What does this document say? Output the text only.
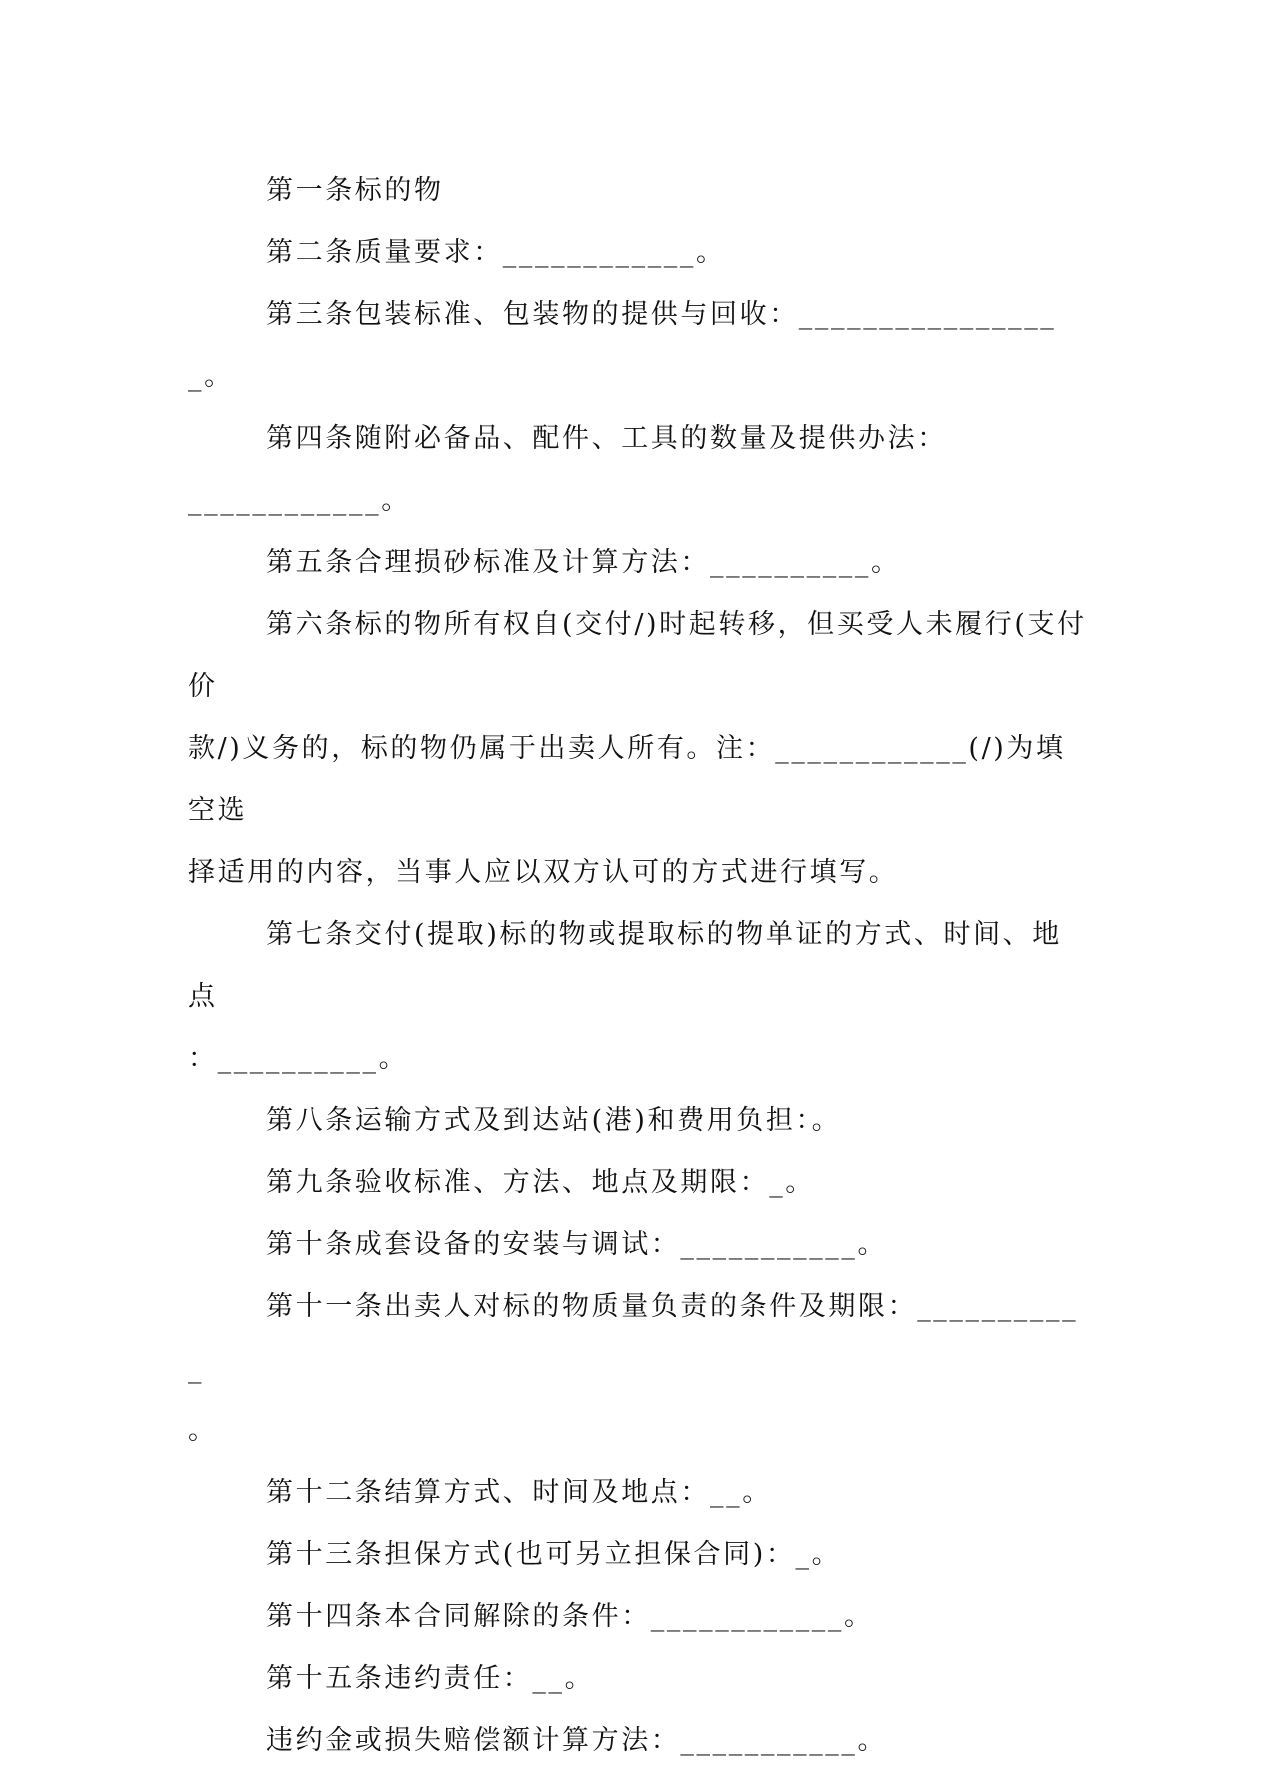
第一条标的物

第二条质量要求：____________。

第三条包装标准、包装物的提供与回收：_________________。

第四条随附必备品、配件、工具的数量及提供办法：

____________。

第五条合理损砂标准及计算方法：__________。

第六条标的物所有权自(交付/)时起转移，但买受人未履行(支付价

款/)义务的，标的物仍属于出卖人所有。注：____________(/)为填空选

择适用的内容，当事人应以双方认可的方式进行填写。

第七条交付(提取)标的物或提取标的物单证的方式、时间、地点

：__________。

第八条运输方式及到达站(港)和费用负担：。

第九条验收标准、方法、地点及期限：_。

第十条成套设备的安装与调试：___________。

第十一条出卖人对标的物质量负责的条件及期限：___________

。

第十二条结算方式、时间及地点：__。

第十三条担保方式(也可另立担保合同)：_。

第十四条本合同解除的条件：____________。

第十五条违约责任：__。

违约金或损失赔偿额计算方法：___________。
